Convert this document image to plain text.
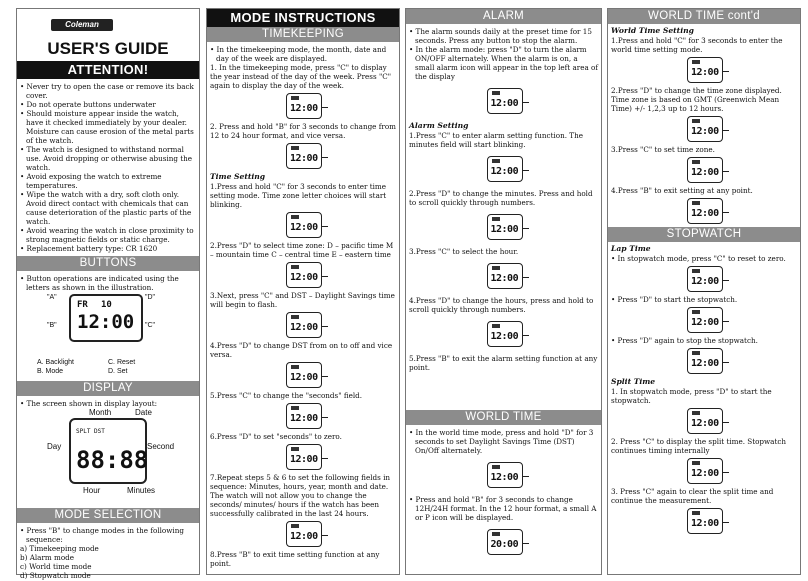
Coleman
USER'S GUIDE
ATTENTION!
• Never try to open the case or remove its back cover.
• Do not operate buttons underwater
• Should moisture appear inside the watch, have it checked immediately by your dealer. Moisture can cause erosion of the metal parts of the watch.
• The watch is designed to withstand normal use. Avoid dropping or otherwise abusing the watch.
• Avoid exposing the watch to extreme temperatures.
• Wipe the watch with a dry, soft cloth only. Avoid direct contact with chemicals that can cause deterioration of the plastic parts of the watch.
• Avoid wearing the watch in close proximity to strong magnetic fields or static charge.
• Replacement battery type: CR 1620
BUTTONS
• Button operations are indicated using the letters as shown in the illustration.
"A"	"D"
"B"	"C"
FR 10
12:00
A. Backlight
B. Mode
C. Reset
D. Set
DISPLAY
• The screen shown in display layout:
Month	Date
Day	Second
SPLT DST
88:88
Hour	Minutes
MODE SELECTION
• Press "B" to change modes in the following sequence:
a) Timekeeping mode
b) Alarm mode
c) World time mode
d) Stopwatch mode
MODE INSTRUCTIONS
TIMEKEEPING
• In the timekeeping mode, the month, date and day of the week are displayed.
1. In the timekeeping mode, press "C" to display the year instead of the day of the week. Press "C" again to display the day of the week.
12:00
2. Press and hold "B" for 3 seconds to change from 12 to 24 hour format, and vice versa.
12:00
Time Setting
1.Press and hold "C" for 3 seconds to enter time setting mode. Time zone letter choices will start blinking.
12:00
2.Press "D" to select time zone: D – pacific time M – mountain time C – central time E – eastern time
12:00
3.Next, press "C" and DST – Daylight Savings time will begin to flash.
12:00
4.Press "D" to change DST from on to off and vice versa.
12:00
5.Press "C" to change the "seconds" field.
12:00
6.Press "D" to set "seconds" to zero.
12:00
7.Repeat steps 5 & 6 to set the following fields in sequence: Minutes, hours, year, month and date. The watch will not allow you to change the seconds/ minutes/ hours if the watch has been successfully calibrated in the last 24 hours.
12:00
8.Press "B" to exit time setting function at any point.
ALARM
• The alarm sounds daily at the preset time for 15 seconds. Press any button to stop the alarm.
• In the alarm mode: press "D" to turn the alarm ON/OFF alternately. When the alarm is on, a small alarm icon will appear in the top left area of the display
12:00
Alarm Setting
1.Press "C" to enter alarm setting function. The minutes field will start blinking.
12:00
2.Press "D" to change the minutes. Press and hold to scroll quickly through numbers.
12:00
3.Press "C" to select the hour.
12:00
4.Press "D" to change the hours, press and hold to scroll quickly through numbers.
12:00
5.Press "B" to exit the alarm setting function at any point.
WORLD TIME
• In the world time mode, press and hold "D" for 3 seconds to set Daylight Savings Time (DST) On/Off alternately.
12:00
• Press and hold "B" for 3 seconds to change 12H/24H format. In the 12 hour format, a small A or P icon will be displayed.
20:00
WORLD TIME cont'd
World Time Setting
1.Press and hold "C" for 3 seconds to enter the world time setting mode.
12:00
2.Press "D" to change the time zone displayed. Time zone is based on GMT (Greenwich Mean Time) +/- 1,2,3 up to 12 hours.
12:00
3.Press "C" to set time zone.
12:00
4.Press "B" to exit setting at any point.
12:00
STOPWATCH
Lap Time
• In stopwatch mode, press "C" to reset to zero.
12:00
• Press "D" to start the stopwatch.
12:00
• Press "D" again to stop the stopwatch.
12:00
Split Time
1. In stopwatch mode, press "D" to start the stopwatch.
12:00
2. Press "C" to display the split time. Stopwatch continues timing internally
12:00
3. Press "C" again to clear the split time and continue the measurement.
12:00
